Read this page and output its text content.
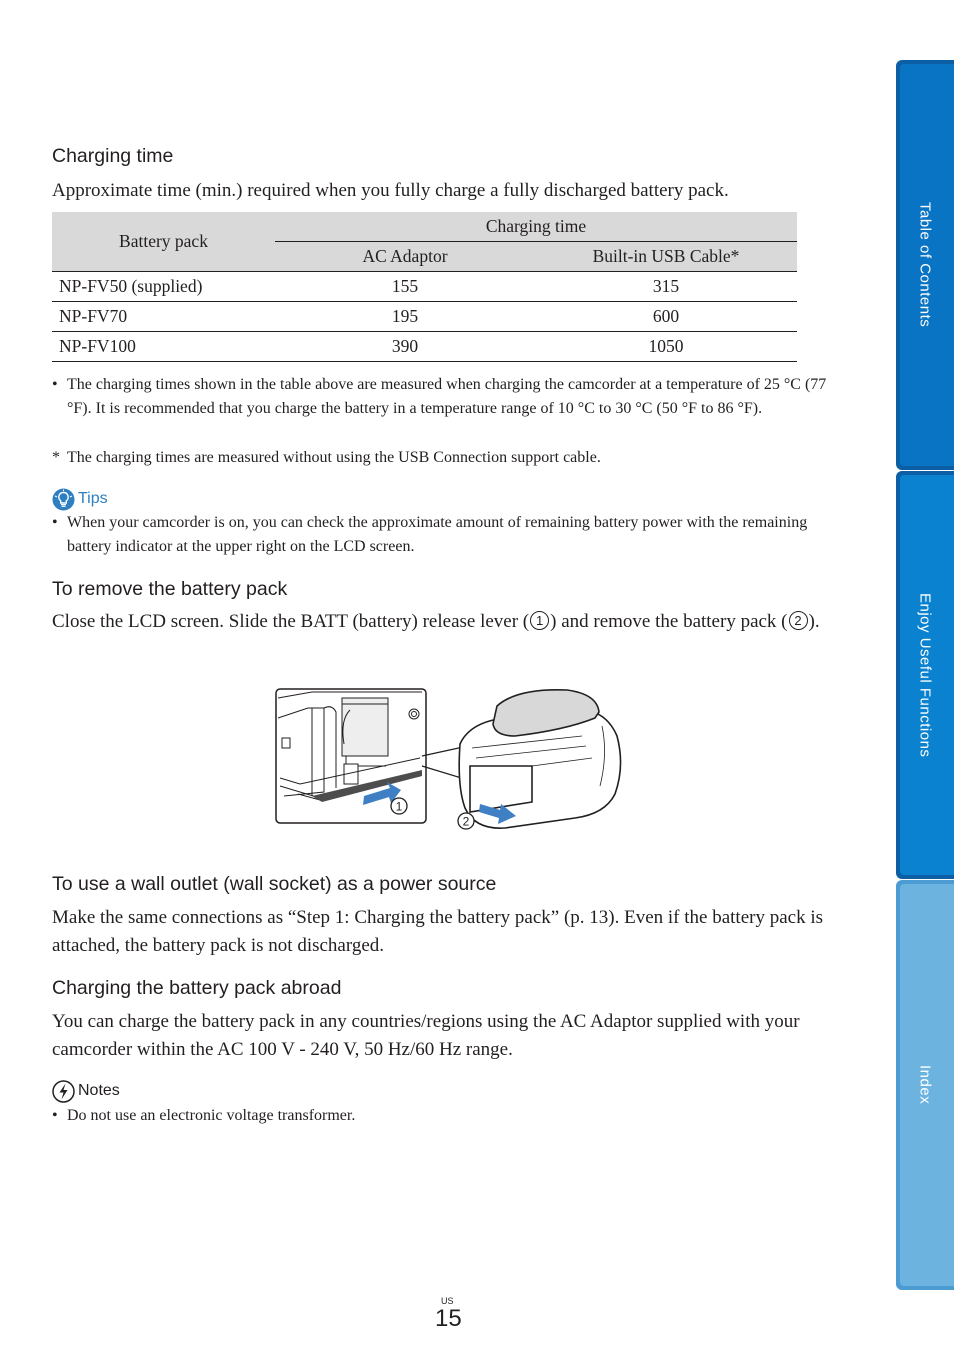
Table of Contents
Enjoy Useful Functions
Index
Charging time
Approximate time (min.) required when you fully charge a fully discharged battery pack.
Battery pack	Charging time	
	AC Adaptor	Built-in USB Cable*
NP-FV50 (supplied)	155	315
NP-FV70	195	600
NP-FV100	390	1050
• The charging times shown in the table above are measured when charging the camcorder at a temperature of 25 °C (77 °F). It is recommended that you charge the battery in a temperature range of 10 °C to 30 °C (50 °F to 86 °F).
* The charging times are measured without using the USB Connection support cable.
Tips
• When your camcorder is on, you can check the approximate amount of remaining battery power with the remaining battery indicator at the upper right on the LCD screen.
To remove the battery pack
Close the LCD screen. Slide the BATT (battery) release lever ( 1 ) and remove the battery pack ( 2 ).
1
2
To use a wall outlet (wall socket) as a power source
Make the same connections as “Step 1: Charging the battery pack” (p. 13). Even if the battery pack is attached, the battery pack is not discharged.
Charging the battery pack abroad
You can charge the battery pack in any countries/regions using the AC Adaptor supplied with your camcorder within the AC 100 V - 240 V, 50 Hz/60 Hz range.
Notes
• Do not use an electronic voltage transformer.
US
15
